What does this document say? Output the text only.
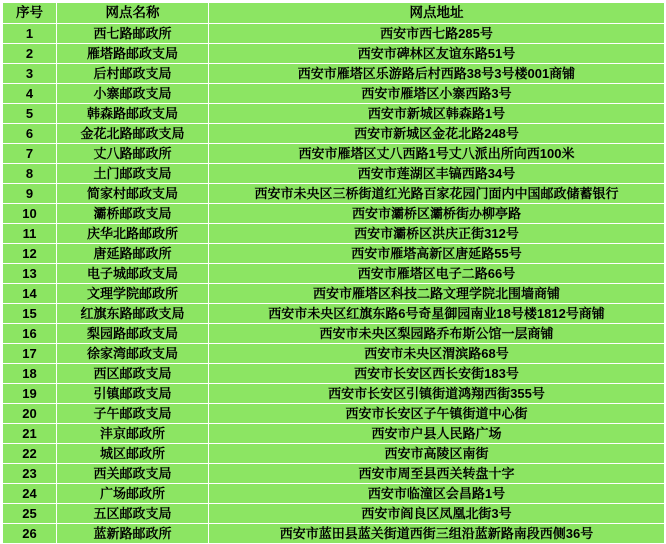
序号	网点名称	网点地址
1	西七路邮政所	西安市西七路285号
2	雁塔路邮政支局	西安市碑林区友谊东路51号
3	后村邮政支局	西安市雁塔区乐游路后村西路38号3号楼001商铺
4	小寨邮政支局	西安市雁塔区小寨西路3号
5	韩森路邮政支局	西安市新城区韩森路1号
6	金花北路邮政支局	西安市新城区金花北路248号
7	丈八路邮政所	西安市雁塔区丈八西路1号丈八派出所向西100米
8	土门邮政支局	西安市莲湖区丰镐西路34号
9	简家村邮政支局	西安市未央区三桥街道红光路百家花园门面内中国邮政储蓄银行
10	灞桥邮政支局	西安市灞桥区灞桥街办柳亭路
11	庆华北路邮政所	西安市灞桥区洪庆正街312号
12	唐延路邮政所	西安市雁塔高新区唐延路55号
13	电子城邮政支局	西安市雁塔区电子二路66号
14	文理学院邮政所	西安市雁塔区科技二路文理学院北围墙商铺
15	红旗东路邮政支局	西安市未央区红旗东路6号奇星御园南业18号楼1812号商铺
16	梨园路邮政支局	西安市未央区梨园路乔布斯公馆一层商铺
17	徐家湾邮政支局	西安市未央区渭滨路68号
18	西区邮政支局	西安市长安区西长安街183号
19	引镇邮政支局	西安市长安区引镇街道鸿翔西街355号
20	子午邮政支局	西安市长安区子午镇街道中心街
21	沣京邮政所	西安市户县人民路广场
22	城区邮政所	西安市高陵区南街
23	西关邮政支局	西安市周至县西关转盘十字
24	广场邮政所	西安市临潼区会昌路1号
25	五区邮政支局	西安市阎良区凤凰北街3号
26	蓝新路邮政所	西安市蓝田县蓝关街道西街三组沿蓝新路南段西侧36号
